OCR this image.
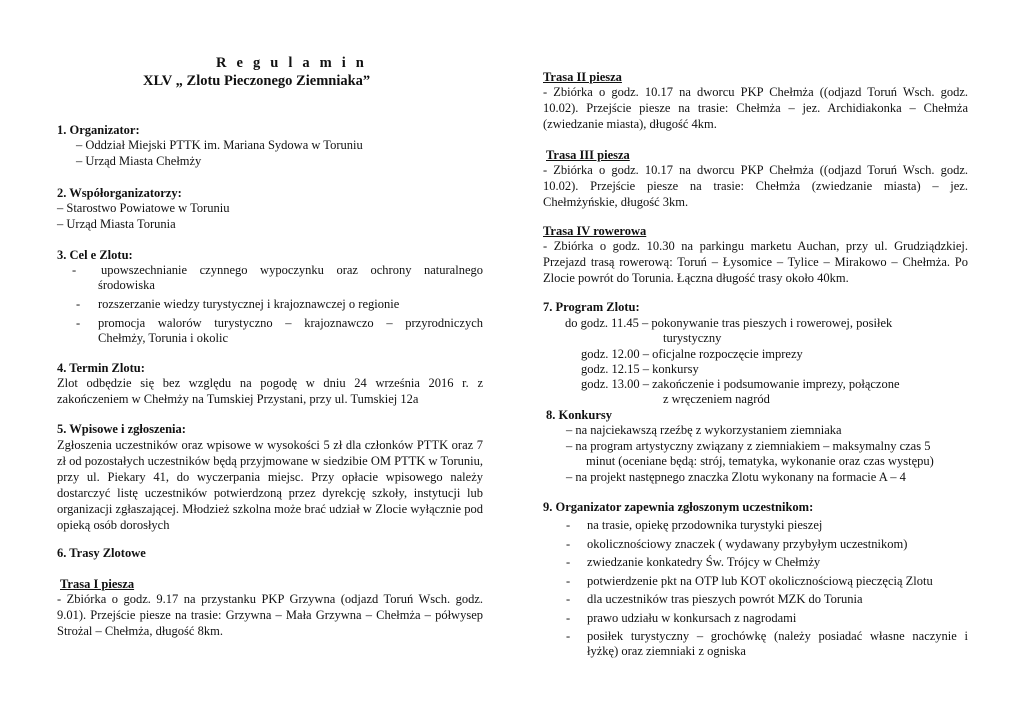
R e g u l a m i n
XLV „ Zlotu Pieczonego Ziemniaka”
1. Organizator:
– Oddział Miejski PTTK im. Mariana Sydowa w Toruniu
– Urząd Miasta Chełmży
2. Współorganizatorzy:
– Starostwo Powiatowe w Toruniu
– Urząd Miasta Torunia
3. Cel e Zlotu:
- upowszechnianie czynnego wypoczynku oraz ochrony naturalnego
środowiska
- rozszerzanie wiedzy turystycznej i krajoznawczej o regionie
- promocja walorów turystyczno – krajoznawczo – przyrodniczych
Chełmży, Torunia i okolic
4. Termin Zlotu:
Zlot odbędzie się bez względu na pogodę w dniu 24 września 2016 r. z
zakończeniem w Chełmży na Tumskiej Przystani, przy ul. Tumskiej 12a
5. Wpisowe i zgłoszenia:
Zgłoszenia uczestników oraz wpisowe w wysokości 5 zł dla członków PTTK oraz 7 zł od pozostałych uczestników będą przyjmowane w siedzibie OM PTTK w Toruniu, przy ul. Piekary 41, do wyczerpania miejsc. Przy opłacie wpisowego należy dostarczyć listę uczestników potwierdzoną przez dyrekcję szkoły, instytucji lub organizacji zgłaszającej. Młodzież szkolna może brać udział w Zlocie wyłącznie pod opieką osób dorosłych
6. Trasy Zlotowe
Trasa I piesza
- Zbiórka o godz. 9.17 na przystanku PKP Grzywna (odjazd Toruń Wsch. godz. 9.01). Przejście piesze na trasie: Grzywna – Mała Grzywna – Chełmża – półwysep Strożal – Chełmża, długość 8km.
Trasa II piesza
- Zbiórka o godz. 10.17 na dworcu PKP Chełmża ((odjazd Toruń Wsch. godz. 10.02). Przejście piesze na trasie: Chełmża – jez. Archidiakonka – Chełmża (zwiedzanie miasta), długość 4km.
Trasa III piesza
- Zbiórka o godz. 10.17 na dworcu PKP Chełmża ((odjazd Toruń Wsch. godz. 10.02). Przejście piesze na trasie: Chełmża (zwiedzanie miasta) – jez. Chełmżyńskie, długość 3km.
Trasa IV rowerowa
- Zbiórka o godz. 10.30 na parkingu marketu Auchan, przy ul. Grudziądzkiej. Przejazd trasą rowerową: Toruń – Łysomice – Tylice – Mirakowo – Chełmża. Po Zlocie powrót do Torunia. Łączna długość trasy około 40km.
7. Program Zlotu:
do godz. 11.45 – pokonywanie tras pieszych i rowerowej, posiłek
turystyczny
godz. 12.00 – oficjalne rozpoczęcie imprezy
godz. 12.15 – konkursy
godz. 13.00 – zakończenie i podsumowanie imprezy, połączone
z wręczeniem nagród
8. Konkursy
– na najciekawszą rzeźbę z wykorzystaniem ziemniaka
– na program artystyczny związany z ziemniakiem – maksymalny czas 5
minut (oceniane będą: strój, tematyka, wykonanie oraz czas występu)
– na projekt następnego znaczka Zlotu wykonany na formacie A – 4
9. Organizator zapewnia zgłoszonym uczestnikom:
- na trasie, opiekę przodownika turystyki pieszej
- okolicznościowy znaczek ( wydawany przybyłym uczestnikom)
- zwiedzanie konkatedry Św. Trójcy w Chełmży
- potwierdzenie pkt na OTP lub KOT okolicznościową pieczęcią Zlotu
- dla uczestników tras pieszych powrót MZK do Torunia
- prawo udziału w konkursach z nagrodami
- posiłek turystyczny – grochówkę (należy posiadać własne naczynie i
łyżkę) oraz ziemniaki z ogniska
